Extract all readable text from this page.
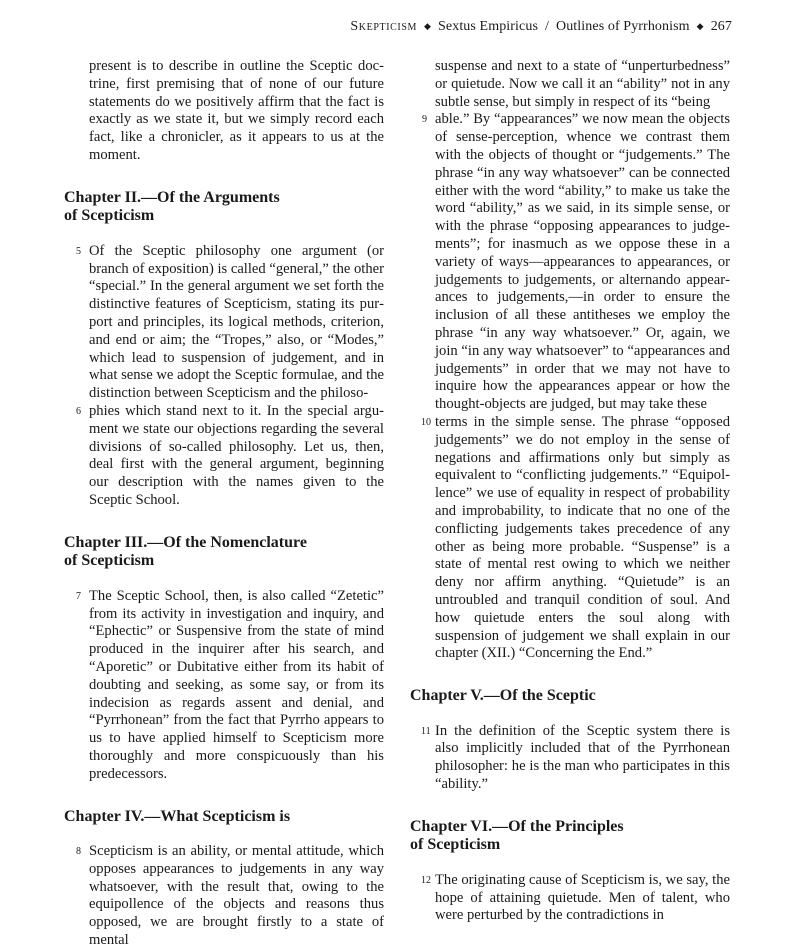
Skepticism ◆ Sextus Empiricus / Outlines of Pyrrhonism ◆ 267

present is to describe in outline the Sceptic doctrine, first premising that of none of our future statements do we positively affirm that the fact is exactly as we state it, but we simply record each fact, like a chronicler, as it appears to us at the moment.

Chapter II.—Of the Arguments
of Scepticism

5 Of the Sceptic philosophy one argument (or branch of exposition) is called “general,” the other “special.” In the general argument we set forth the distinctive features of Scepticism, stating its purport and principles, its logical methods, criterion, and end or aim; the “Tropes,” also, or “Modes,” which lead to suspension of judgement, and in what sense we adopt the Sceptic formulae, and the distinction between Scepticism and the philoso-

6 phies which stand next to it. In the special argument we state our objections regarding the several divisions of so-called philosophy. Let us, then, deal first with the general argument, beginning our description with the names given to the Sceptic School.

Chapter III.—Of the Nomenclature
of Scepticism

7 The Sceptic School, then, is also called “Zetetic” from its activity in investigation and inquiry, and “Ephectic” or Suspensive from the state of mind produced in the inquirer after his search, and “Aporetic” or Dubitative either from its habit of doubting and seeking, as some say, or from its indecision as regards assent and denial, and “Pyrrhonean” from the fact that Pyrrho appears to us to have applied himself to Scepticism more thoroughly and more conspicuously than his predecessors.

Chapter IV.—What Scepticism is

8 Scepticism is an ability, or mental attitude, which opposes appearances to judgements in any way whatsoever, with the result that, owing to the equipollence of the objects and reasons thus opposed, we are brought firstly to a state of mental

suspense and next to a state of “unperturbedness” or quietude. Now we call it an “ability” not in any subtle sense, but simply in respect of its “being

9 able.” By “appearances” we now mean the objects of sense-perception, whence we contrast them with the objects of thought or “judgements.” The phrase “in any way whatsoever” can be connected either with the word “ability,” to make us take the word “ability,” as we said, in its simple sense, or with the phrase “opposing appearances to judgements”; for inasmuch as we oppose these in a variety of ways—appearances to appearances, or judgements to judgements, or alternando appearances to judgements,—in order to ensure the inclusion of all these antitheses we employ the phrase “in any way whatsoever.” Or, again, we join “in any way whatsoever” to “appearances and judgements” in order that we may not have to inquire how the appearances appear or how the thought-objects are judged, but may take these

10 terms in the simple sense. The phrase “opposed judgements” we do not employ in the sense of negations and affirmations only but simply as equivalent to “conflicting judgements.” “Equipollence” we use of equality in respect of probability and improbability, to indicate that no one of the conflicting judgements takes precedence of any other as being more probable. “Suspense” is a state of mental rest owing to which we neither deny nor affirm anything. “Quietude” is an untroubled and tranquil condition of soul. And how quietude enters the soul along with suspension of judgement we shall explain in our chapter (XII.) “Concerning the End.”

Chapter V.—Of the Sceptic

11 In the definition of the Sceptic system there is also implicitly included that of the Pyrrhonean philosopher: he is the man who participates in this “ability.”

Chapter VI.—Of the Principles
of Scepticism

12 The originating cause of Scepticism is, we say, the hope of attaining quietude. Men of talent, who were perturbed by the contradictions in
